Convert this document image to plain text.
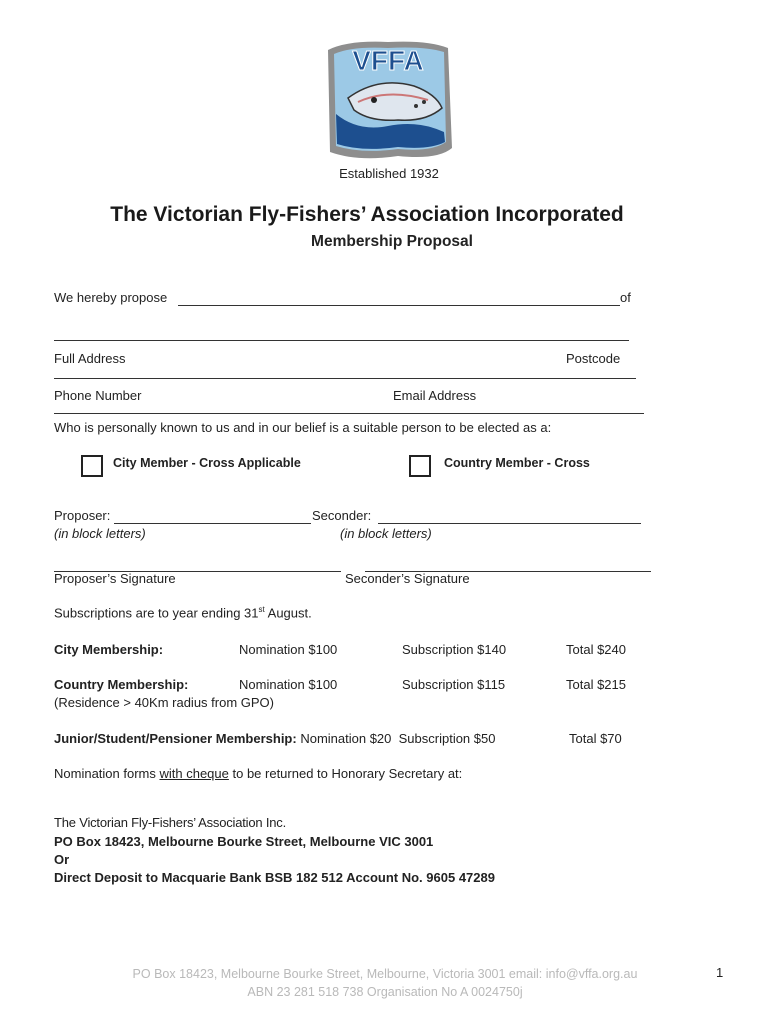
VFFA
Established 1932
The Victorian Fly-Fishers’ Association Incorporated
Membership Proposal
We hereby propose	of
Full Address	Postcode
Phone Number	Email Address
Who is personally known to us and in our belief is a suitable person to be elected as a:
City Member - Cross Applicable	Country Member - Cross
Proposer:	Seconder:
(in block letters)	(in block letters)
Proposer’s Signature	Seconder’s Signature
Subscriptions are to year ending 31st August.
City Membership:	Nomination $100	Subscription $140	Total $240
Country Membership:	Nomination $100	Subscription $115	Total $215
(Residence > 40Km radius from GPO)
Junior/Student/Pensioner Membership: Nomination $20 Subscription $50	Total $70
Nomination forms with cheque to be returned to Honorary Secretary at:
The Victorian Fly-Fishers’ Association Inc.
PO Box 18423, Melbourne Bourke Street, Melbourne VIC 3001
Or
Direct Deposit to Macquarie Bank BSB 182 512 Account No. 9605 47289
PO Box 18423, Melbourne Bourke Street, Melbourne, Victoria 3001 email: info@vffa.org.au
ABN 23 281 518 738 Organisation No A 0024750j
1
